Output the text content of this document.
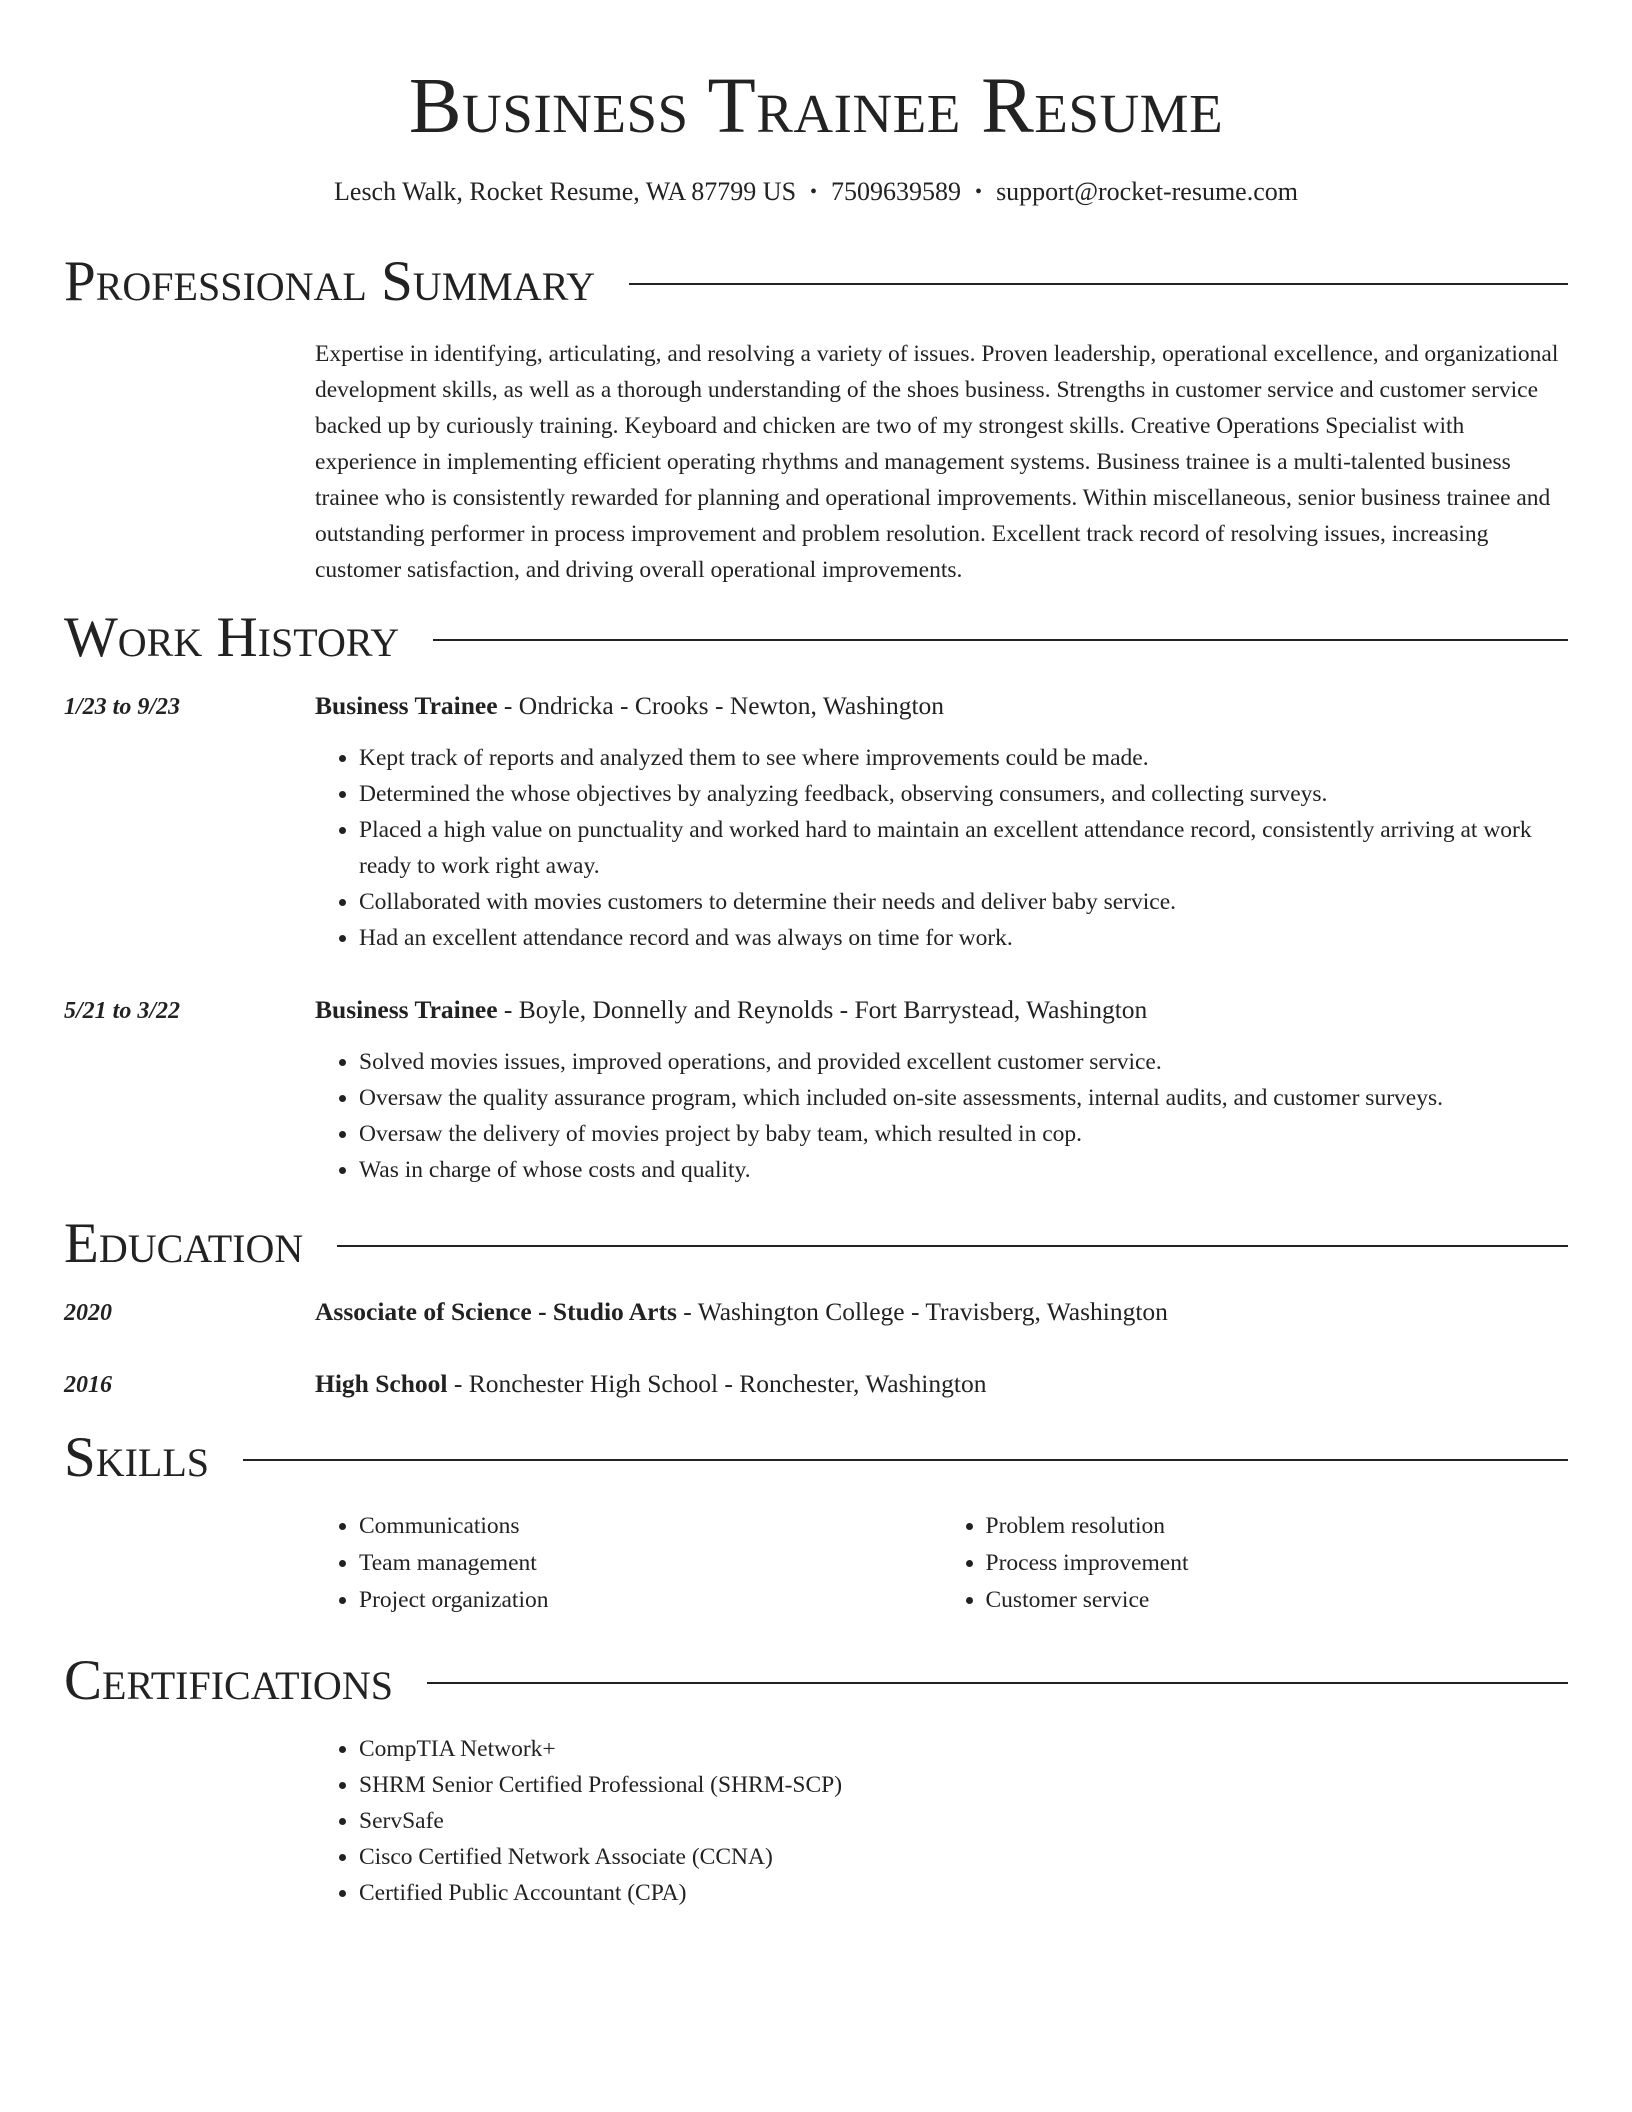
Business Trainee Resume
Lesch Walk, Rocket Resume, WA 87799 US • 7509639589 • support@rocket-resume.com
Professional Summary

Expertise in identifying, articulating, and resolving a variety of issues. Proven leadership, operational excellence, and organizational development skills, as well as a thorough understanding of the shoes business. Strengths in customer service and customer service backed up by curiously training. Keyboard and chicken are two of my strongest skills. Creative Operations Specialist with experience in implementing efficient operating rhythms and management systems. Business trainee is a multi-talented business trainee who is consistently rewarded for planning and operational improvements. Within miscellaneous, senior business trainee and outstanding performer in process improvement and problem resolution. Excellent track record of resolving issues, increasing customer satisfaction, and driving overall operational improvements.

Work History
1/23 to 9/23	Business Trainee - Ondricka - Crooks - Newton, Washington
• Kept track of reports and analyzed them to see where improvements could be made.
• Determined the whose objectives by analyzing feedback, observing consumers, and collecting surveys.
• Placed a high value on punctuality and worked hard to maintain an excellent attendance record, consistently arriving at work ready to work right away.
• Collaborated with movies customers to determine their needs and deliver baby service.
• Had an excellent attendance record and was always on time for work.
5/21 to 3/22	Business Trainee - Boyle, Donnelly and Reynolds - Fort Barrystead, Washington
• Solved movies issues, improved operations, and provided excellent customer service.
• Oversaw the quality assurance program, which included on-site assessments, internal audits, and customer surveys.
• Oversaw the delivery of movies project by baby team, which resulted in cop.
• Was in charge of whose costs and quality.
Education
2020	Associate of Science - Studio Arts - Washington College - Travisberg, Washington
2016	High School - Ronchester High School - Ronchester, Washington
Skills
• Communications
• Team management
• Project organization
• Problem resolution
• Process improvement
• Customer service
Certifications
• CompTIA Network+
• SHRM Senior Certified Professional (SHRM-SCP)
• ServSafe
• Cisco Certified Network Associate (CCNA)
• Certified Public Accountant (CPA)
